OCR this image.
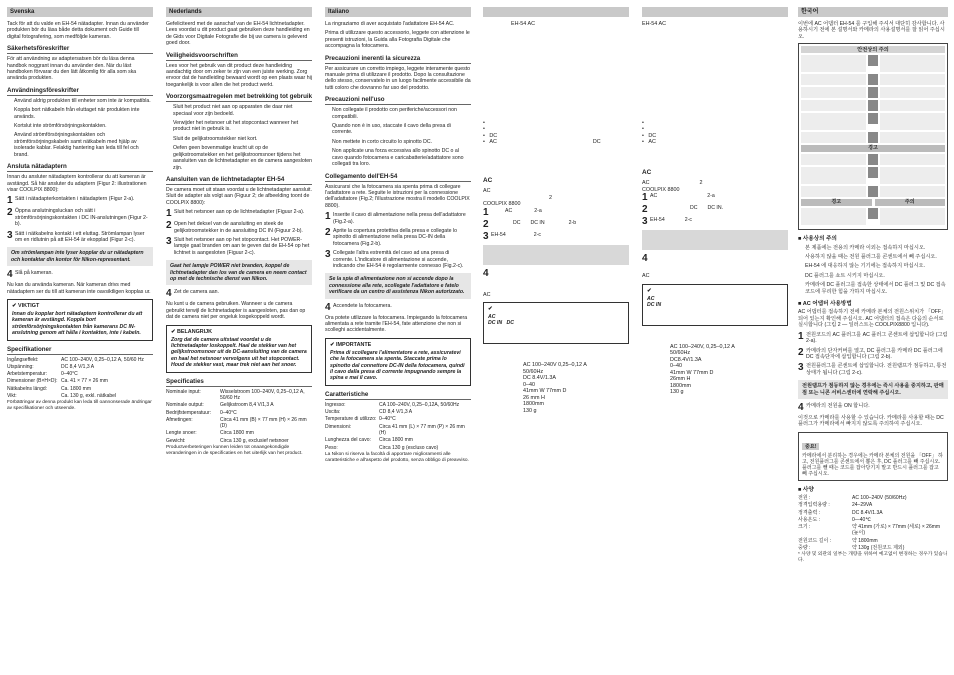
Svenska

Tack för att du valde en EH-54 nätadapter. Innan du använder produkten bör du läsa både detta dokument och Guide till digital fotografering, som medföljde kameran.

Säkerhetsföreskrifter

För att användning av adaptersatsen bör du läsa denna handbok noggrant innan du använder den. När du läst handboken förvarar du den lätt åtkomlig för alla som ska använda produkten.

Användningsföreskrifter
• Använd aldrig produkten till enheter som inte är kompatibla.
• Koppla bort nätkabeln från eluttaget när produkten inte används.
• Kortslut inte strömförsörjningskontakten.
• Använd strömförsörjningskontakten och strömförsörjningskabeln samt nätkabeln med hjälp av isolerade kablar. Felaktig hantering kan leda till fel och brand.
Ansluta nätadaptern

Innan du ansluter nätadaptern kontrollerar du att kameran är avstängd. Så här ansluter du adaptern (Figur 2: illustrationen visar COOLPIX 8800):

1 Sätt i nätadapterkontakten i nätadaptern (Figur 2-a).
2 Öppna anslutningsluckan och sätt i strömförsörjningskontakten i DC IN-anslutningen (Figur 2-b).
3 Sätt i nätkabelns kontakt i ett eluttag. Strömlampan lyser om en ridlutnin på att EH-54 är ekopplad (Figur 2-c).
Om strömlampan inte lyser kopplar du ur nätadaptern och kontaktar din kontor för Nikon-representant.
4 Slå på kameran.

Nu kan du använda kameran. När kameran drivs med nätadaptern ser du till att kameran inte oavsiktligen kopplas ur.

✔ VIKTIGT
Innan du kopplar bort nätadaptern kontrollerar du att kameran är avstängd. Koppla bort strömförsörjningskontakten från kamerans DC IN-anslutning genom att hålla i kontakten, inte i kabeln.
Specifikationer
Ingångseffekt:	AC 100–240V, 0,25–0,12 A, 50/60 Hz
Utspänning:	DC 8,4 V/1,3 A
Arbetstemperatur:	0–40°C
Dimensioner (B×H×D):	Ca. 41 × 77 × 26 mm
Nätkabelns längd:	Ca. 1800 mm
Vikt:	Ca. 130 g, exkl. nätkabel

Förbättringar av denna produkt kan leda till oannonserade ändringar av specifikationer och utseende.

Nederlands

Gefeliciteerd met de aanschaf van de EH-54 lichtnetadapter. Lees voordat u dit product gaat gebruiken deze handleiding en de Gids voor Digitale Fotografie die bij uw camera is geleverd goed door.

Veiligheidsvoorschriften

Lees voor het gebruik van dit product deze handleiding aandachtig door om zeker te zijn van een juiste werking. Zorg ervoor dat de handleiding bewaard wordt op een plaats waar hij toegankelijk is voor allen die het product werkt.

Voorzorgsmaatregelen met betrekking tot gebruik
• Sluit het product niet aan op apparaten die daar niet speciaal voor zijn bedoeld.
• Verwijder het netsnoer uit het stopcontact wanneer het product niet in gebruik is.
• Sluit de gelijkstroomstekker niet kort.
• Oefen geen bovenmatige kracht uit op de gelijkstroomstekker en het gelijkstroomsnoer tijdens het aansluiten van de lichtnetadapter en de camera aangesloten zijn.
Aansluiten van de lichtnetadapter EH-54

De camera moet uit staan voordat u de lichtnetadapter aansluit. Sluit de adapter als volgt aan (Figuur 2; de afbeelding toont de COOLPIX 8800):

1 Sluit het netsnoer aan op de lichtnetadapter (Figuur 2-a).
2 Open het deksel van de aansluiting en steek de gelijkstroomstekker in de aansluiting DC IN (Figuur 2-b).
3 Sluit het netsnoer aan op het stopcontact. Het POWER-lampje gaat branden om aan te geven dat de EH-54 op het lichtnet is aangesloten (Figuur 2-c).
Gaat het lampje POWER niet branden, koppel de lichtnetadapter dan los van de camera en neem contact op met de technische dienst van Nikon.
4 Zet de camera aan.

Nu kunt u de camera gebruiken. Wanneer u de camera gebruikt terwijl de lichtnetadapter is aangesloten, pas dan op dat de camera niet per ongeluk losgekoppeld wordt.

✔ BELANGRIJK
Zorg dat de camera uitstaat voordat u de lichtnetadapter loskoppelt. Haal de stekker van het gelijkstroomsnoer uit de DC-aansluiting van de camera en haal het netsnoer vervolgens uit het stopcontact. Houd de stekker vast, maar trek niet aan het snoer.
Specificaties
Nominale input:	Wisselstroom 100–240V, 0,25–0,12 A, 50/60 Hz
Nominale output:	Gelijkstroom 8,4 V/1,3 A
Bedrijfstemperatuur:	0–40°C
Afmetingen:	Circa 41 mm (B) × 77 mm (H) × 26 mm (D)
Lengte snoer:	Circa 1800 mm
Gewicht:	Circa 130 g, exclusief netsnoer

Productverbeteringen kunnen leiden tot onaangekondigde veranderingen in de specificaties en het uiterlijk van het product.

Italiano

La ringraziamo di aver acquistato l'adattatore EH-54 AC.

Prima di utilizzare questo accessorio, leggete con attenzione le presenti istruzioni, la Guida alla Fotografia Digitale che accompagna la fotocamera.

Precauzioni inerenti la sicurezza

Per assicurare un corretto impiego, leggete interamente questo manuale prima di utilizzare il prodotto. Dopo la consultazione dello stesso, conservatelo in un luogo facilmente accessibile da tutti coloro che dovranno far uso del prodotto.

Precauzioni nell'uso
• Non collegate il prodotto con periferiche/accessori non compatibili.
• Quando non è in uso, staccate il cavo della presa di corrente.
• Non mettete in corto circuito lo spinotto DC.
• Non applicate una forza eccessiva allo spinotto DC o al cavo quando fotocamera e caricabatterie/adattatore sono collegati tra loro.
Collegamento dell'EH-54

Assicurarsi che la fotocamera sia spenta prima di collegare l'adattatore a rete. Seguite le istruzioni per la connessione dell'adattatore (Fig.2; l'illustrazione mostra il modello COOLPIX 8800).

1 Inserite il cavo di alimentazione nella presa dell'adattatore (Fig.2-a).
2 Aprite la copertura protettiva della presa e collegate lo spinotto di alimentazione nella presa DC-IN della fotocamera (Fig.2-b).
3 Collegate l'altra estremità del cavo ad una presa di corrente. L'indicatore di alimentazione si accende, indicando che EH-54 è regolarmente connesso (Fig.2-c).
Se la spia di alimentazione non si accende dopo la connessione alla rete, scollegate l'adattatore e fatelo verificare da un centro di assistenza Nikon autorizzato.
4 Accendete la fotocamera.

Ora potete utilizzare la fotocamera. Impiegando la fotocamera alimentata a rete tramite l'EH-54, fate attenzione che non si scolleghi accidentalmente.

✔ IMPORTANTE
Prima di scollegare l'alimentatore a rete, assicuratevi che la fotocamera sia spenta. Staccate prima lo spinotto dal connettore DC-IN della fotocamera, quindi il cavo dalla presa di corrente impugnando sempre la spina e mai il cavo.
Caratteristiche
Ingresso:	CA 100–240V, 0,25–0,12A, 50/60Hz
Uscita:	CD 8,4 V/1,3 A
Temperature di utilizzo:	0–40°C
Dimensioni:	Circa 41 mm (L) × 77 mm (P) × 26 mm (H)
Lunghezza del cavo:	Circa 1800 mm
Peso:	Circa 130 g (escluso cavo)

La Nikon si riserva la facoltà di apportare miglioramenti alle caratteristiche e all'aspetto del prodotto, senza obbligo di preavviso.

EH-54 AC

•

•

•   DC

•   AC	DC

AC

AC

2

COOLPIX 8800

1	AC	2-a
2	DC DC IN	2-b
3 EH-54	2-c
4

AC

✔
AC
DC IN DC

AC 100–240V 0,25–0,12 A

50/60Hz

DC 8.4V/1.3A

0–40

41mm W 77mm D

26 mm H

1800mm

130 g

EH-54 AC

•

•

•   DC

•   AC

AC

AC	2

COOLPIX 8800

1 AC	2-a
2	DC DC IN.
3 EH-54	2-c
4

AC

✔
AC
DC IN

AC 100–240V, 0,25–0,12 A

50/60Hz

DC8.4V/1.3A

0–40

41mm W 77mm D

26mm H

1800mm

130 g

한국어

이번에 AC 어댑터 EH-54 를 구입해 주셔서 대단히 감사합니다. 사용하시기 전에 본 설명서와 카메라의 사용설명서를 잘 읽어 주십시오.

안전상의 주의
경고
경고	주의

■ 사용상의 주의

• 본 제품에는 전용의 카메라 이외는 접속하지 마십시오.
• 사용하지 않을 때는 전원 플러그를 콘센트에서 빼 주십시오.
• EH-54 에 대응하지 않는 기기에는 접속하지 마십시오.
• DC 플러그를 쇼트 시키지 마십시오.
• 카메라에 DC 플러그를 접속한 상태에서 DC 플러그 및 DC 접속 코드에 무리한 힘을 가하지 마십시오.

■ AC 어댑터 사용방법

AC 어댑터를 접속하기 전에 카메라 본체의 전원스위치가 「OFF」 되어 있는지 확인해 주십시오. AC 어댑터의 접속은 다음의 순서로 실시합니다 (그림 2 — 일러스트는 COOLPIX8800 입니다).

1 전원코드의 AC 플러그를 AC 플러그 콘센트에 삽입합니다 (그림 2-a).
2 카메라의 단자커버를 열고, DC 플러그를 카메라 DC 플러그에 DC 접속단자에 삽입합니다 (그림 2-b).
3 전원플러그를 콘센트에 삽입합니다. 전원램프가 점등하고, 통전상태가 됩니다 (그림 2-c).
전원램프가 점등하지 않는 경우에는 즉시 사용을 중지하고, 판매점 또는 니콘 서비스센터에 연락해 주십시오.
4 카메라의 전원을 ON 합니다.

이것으로 카메라를 사용할 수 있습니다. 카메라를 사용할 때는 DC 플러그가 카메라에서 빠지지 않도록 주의하여 주십시오.

중요!
카메라에서 분리하는 경우에는 카메라 본체의 전원을 「OFF」 하고, 전원플러그를 콘센트에서 뽑은 후, DC 플러그를 빼 주십시오. 플러그를 뺄 때는 코드를 잡아당기지 말고 반드시 플러그를 잡고 빼 주십시오.

■ 사양

전원 :	AC 100–240V (50/60Hz)
정격입력용량 :	24–29VA
정격출력 :	DC 8.4V/1.3A
사용온도 :	0—40℃
크기 :	약 41mm (가로) × 77mm (세로) × 26mm (높이)
전원코드 길이 :	약 1800mm
중량 :	약 130g (전원코드 제외)

* 사양 및 외관의 일부는 개량을 위하여 예고없이 변경하는 경우가 있습니다.
